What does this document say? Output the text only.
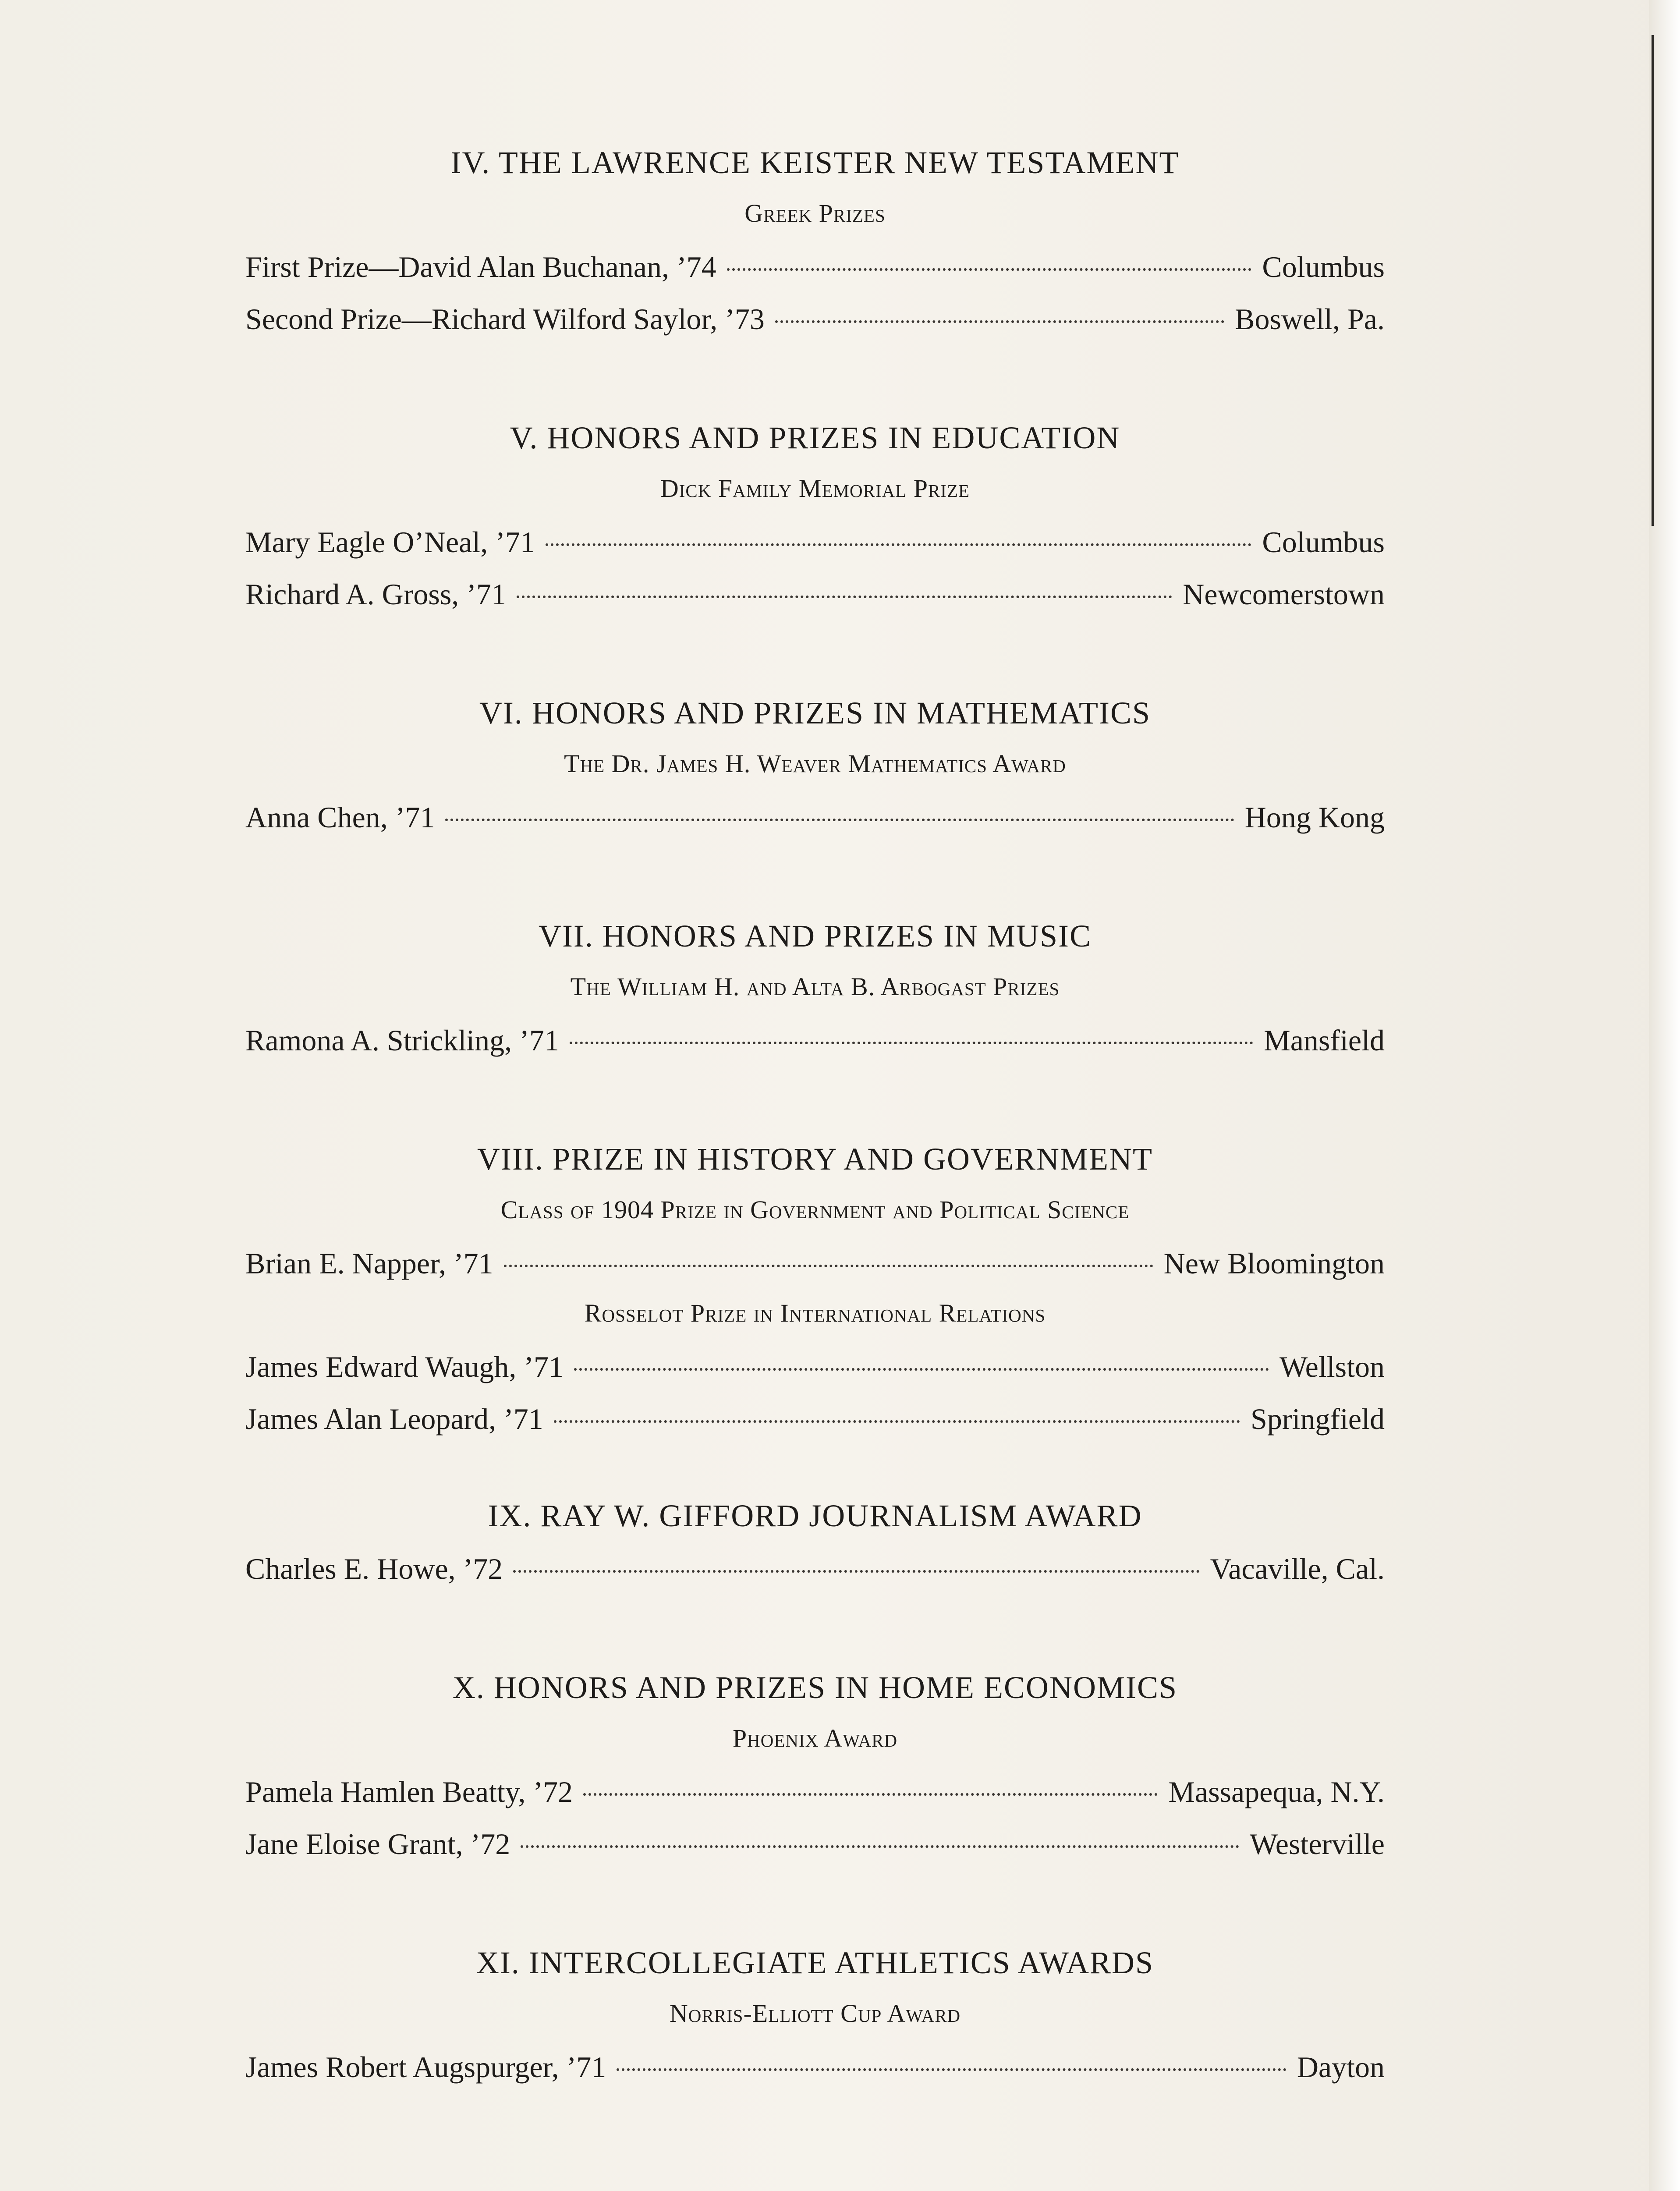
IV. THE LAWRENCE KEISTER NEW TESTAMENT
Greek Prizes
First Prize—David Alan Buchanan, ’74	Columbus
Second Prize—Richard Wilford Saylor, ’73	Boswell, Pa.
V. HONORS AND PRIZES IN EDUCATION
Dick Family Memorial Prize
Mary Eagle O’Neal, ’71	Columbus
Richard A. Gross, ’71	Newcomerstown
VI. HONORS AND PRIZES IN MATHEMATICS
The Dr. James H. Weaver Mathematics Award
Anna Chen, ’71	Hong Kong
VII. HONORS AND PRIZES IN MUSIC
The William H. and Alta B. Arbogast Prizes
Ramona A. Strickling, ’71	Mansfield
VIII. PRIZE IN HISTORY AND GOVERNMENT
Class of 1904 Prize in Government and Political Science
Brian E. Napper, ’71	New Bloomington
Rosselot Prize in International Relations
James Edward Waugh, ’71	Wellston
James Alan Leopard, ’71	Springfield
IX. RAY W. GIFFORD JOURNALISM AWARD
Charles E. Howe, ’72	Vacaville, Cal.
X. HONORS AND PRIZES IN HOME ECONOMICS
Phoenix Award
Pamela Hamlen Beatty, ’72	Massapequa, N.Y.
Jane Eloise Grant, ’72	Westerville
XI. INTERCOLLEGIATE ATHLETICS AWARDS
Norris-Elliott Cup Award
James Robert Augspurger, ’71	Dayton
